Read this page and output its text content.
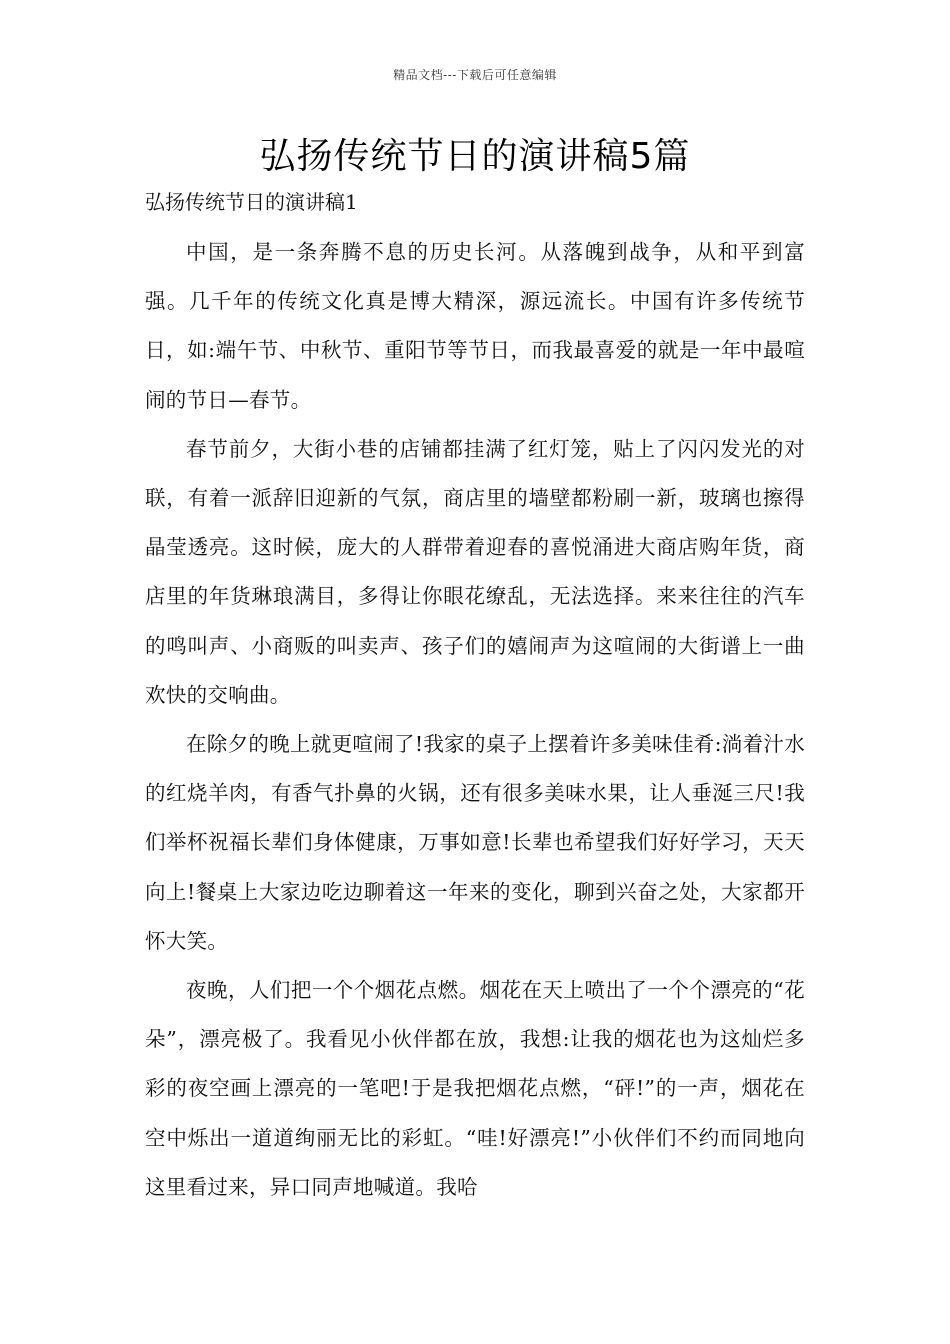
精品文档---下载后可任意编辑
弘扬传统节日的演讲稿5篇

弘扬传统节日的演讲稿1

中国，是一条奔腾不息的历史长河。从落魄到战争，从和平到富强。几千年的传统文化真是博大精深，源远流长。中国有许多传统节日，如:端午节、中秋节、重阳节等节日，而我最喜爱的就是一年中最喧闹的节日—春节。

春节前夕，大街小巷的店铺都挂满了红灯笼，贴上了闪闪发光的对联，有着一派辞旧迎新的气氛，商店里的墙壁都粉刷一新，玻璃也擦得晶莹透亮。这时候，庞大的人群带着迎春的喜悦涌进大商店购年货，商店里的年货琳琅满目，多得让你眼花缭乱，无法选择。来来往往的汽车的鸣叫声、小商贩的叫卖声、孩子们的嬉闹声为这喧闹的大街谱上一曲欢快的交响曲。

在除夕的晚上就更喧闹了!我家的桌子上摆着许多美味佳肴:淌着汁水的红烧羊肉，有香气扑鼻的火锅，还有很多美味水果，让人垂涎三尺!我们举杯祝福长辈们身体健康，万事如意!长辈也希望我们好好学习，天天向上!餐桌上大家边吃边聊着这一年来的变化，聊到兴奋之处，大家都开怀大笑。

夜晚，人们把一个个烟花点燃。烟花在天上喷出了一个个漂亮的“花朵”，漂亮极了。我看见小伙伴都在放，我想:让我的烟花也为这灿烂多彩的夜空画上漂亮的一笔吧!于是我把烟花点燃，“砰!”的一声，烟花在空中烁出一道道绚丽无比的彩虹。“哇!好漂亮!”小伙伴们不约而同地向这里看过来，异口同声地喊道。我哈
